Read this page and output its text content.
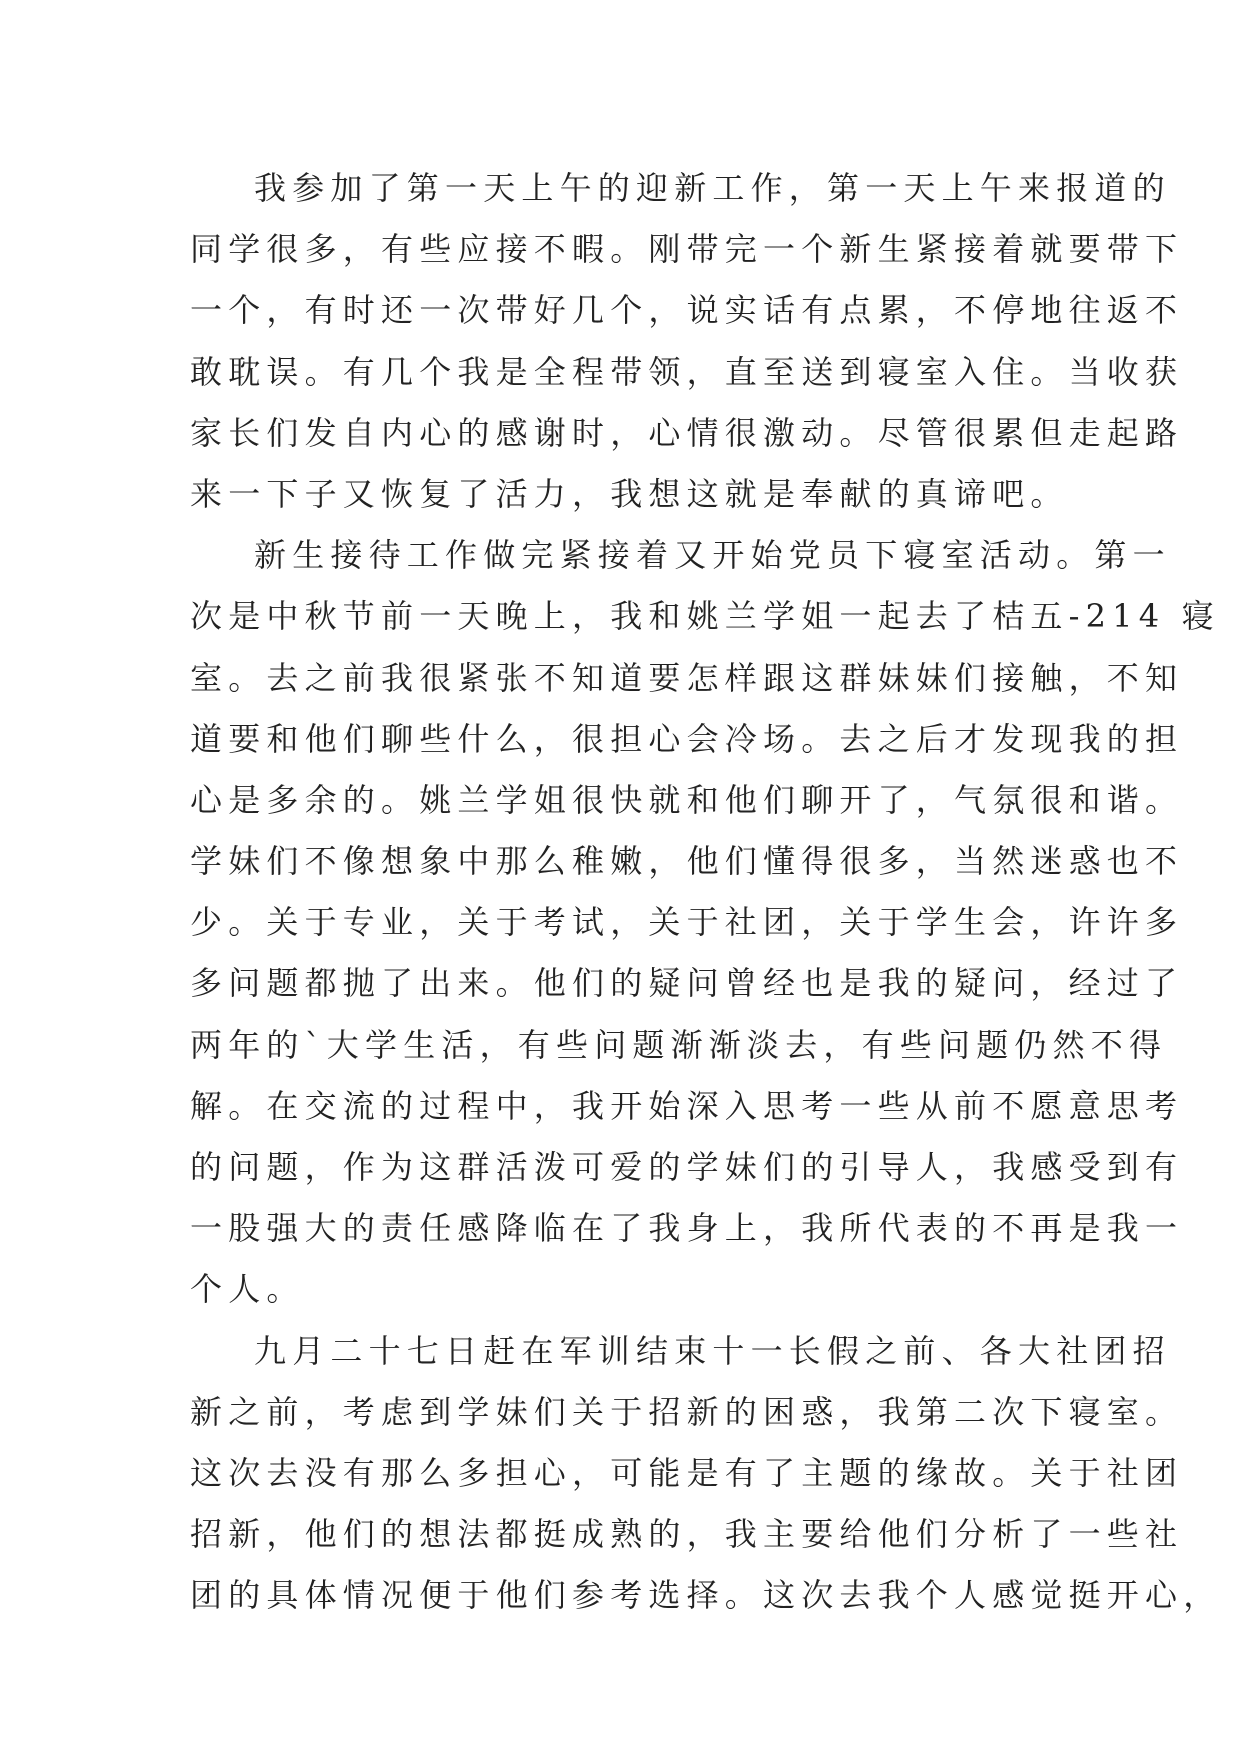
我参加了第一天上午的迎新工作，第一天上午来报道的
同学很多，有些应接不暇。刚带完一个新生紧接着就要带下
一个，有时还一次带好几个，说实话有点累，不停地往返不
敢耽误。有几个我是全程带领，直至送到寝室入住。当收获
家长们发自内心的感谢时，心情很激动。尽管很累但走起路
来一下子又恢复了活力，我想这就是奉献的真谛吧。
新生接待工作做完紧接着又开始党员下寝室活动。第一
次是中秋节前一天晚上，我和姚兰学姐一起去了桔五-214 寝
室。去之前我很紧张不知道要怎样跟这群妹妹们接触，不知
道要和他们聊些什么，很担心会冷场。去之后才发现我的担
心是多余的。姚兰学姐很快就和他们聊开了，气氛很和谐。
学妹们不像想象中那么稚嫩，他们懂得很多，当然迷惑也不
少。关于专业，关于考试，关于社团，关于学生会，许许多
多问题都抛了出来。他们的疑问曾经也是我的疑问，经过了
两年的`大学生活，有些问题渐渐淡去，有些问题仍然不得
解。在交流的过程中，我开始深入思考一些从前不愿意思考
的问题，作为这群活泼可爱的学妹们的引导人，我感受到有
一股强大的责任感降临在了我身上，我所代表的不再是我一
个人。
九月二十七日赶在军训结束十一长假之前、各大社团招
新之前，考虑到学妹们关于招新的困惑，我第二次下寝室。
这次去没有那么多担心，可能是有了主题的缘故。关于社团
招新，他们的想法都挺成熟的，我主要给他们分析了一些社
团的具体情况便于他们参考选择。这次去我个人感觉挺开心，
